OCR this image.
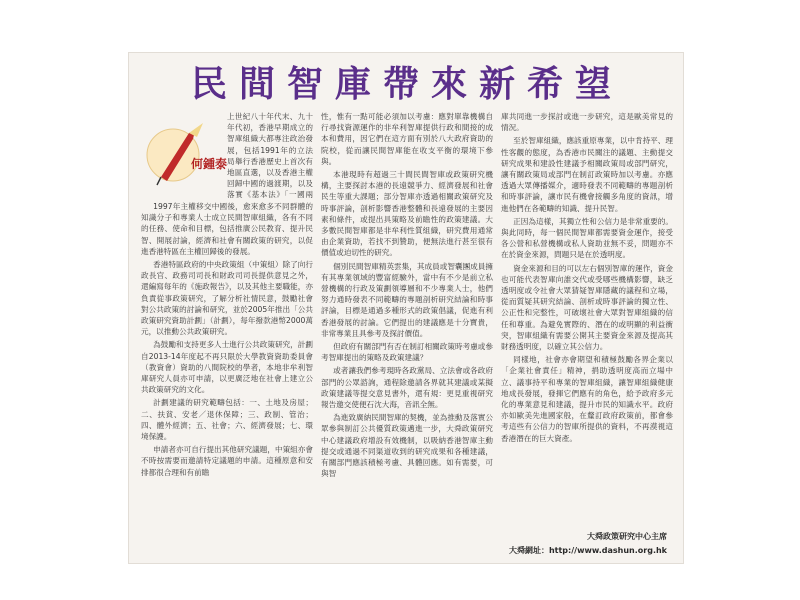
民間智庫帶來新希望
何鍾泰

上世紀八十年代末、九十年代初，香港早期成立的智庫組織大都專注政治發展，包括1991年的立法局舉行香港歷史上首次有地區直選，以及香港主權回歸中國的過渡期，以及落實《基本法》「一國兩

1997年主權移交中國後，愈來愈多不同群體的知識分子和專業人士成立民間智庫組織，各有不同的任務、使命和目標，包括推廣公民教育、提升民智、開展討論，經濟和社會有關政策的研究，以促進香港特區在主權回歸後的發展。

香港特區政府的中央政策組（中策組）除了向行政長官、政務司司長和財政司司長提供意見之外，還編寫每年的《施政報告》，以及其他主要職能，亦負責從事政策研究，了解分析社情民意，鼓勵社會對公共政策的討論和研究，並於2005年推出「公共政策研究資助計劃」（計劃），每年撥款港幣2000萬元，以推動公共政策研究。

為鼓勵和支持更多人士進行公共政策研究，計劃自2013-14年度起不再只限於大學教資資助委員會（教資會）資助的八間院校的學者，本地非牟利智庫研究人員亦可申請，以更廣泛地在社會上建立公共政策研究的文化。

計劃建議的研究範疇包括：一、土地及房屋；二、扶貧、安老／退休保障；三、政制、管治；四、體外經濟；五、社會；六、經濟發展；七、環境保護。

申請者亦可自行提出其他研究議題，中策組亦會不時按需要而邀請特定議題的申請。這種原意和安排都很合理和有前瞻

性，惟有一點可能必須加以考慮：應對單靠機構自行尋找資源運作的非牟利智庫提供行政和間接的成本和費用，因它們在這方面有別於八大政府資助的院校，從而讓民間智庫能在收支平衡的環境下參與。

本港現時有超過三十間民間智庫或政策研究機構，主要探討本港的長遠競爭力、經濟發展和社會民生等重大課題；部分智庫亦透過相關政策研究及時事評論，剖析影響香港整體和長遠發展的主要因素和條件，或提出具策略及前瞻性的政策建議。大多數民間智庫都是非牟利性質組織，研究費用通常由企業資助，若找不到贊助，便無法進行甚至很有價值或迫切性的研究。

個別民間智庫精英雲集，其成員或智囊團成員擁有其專業領域的豐富經驗外，當中有不少是前立私營機構的行政及策劃領導層和不少專業人士，他們努力通時發表不同範疇的專題剖析研究結論和時事評論，目標是通過多種形式的政策倡議，促進有利香港發展的討論。它們提出的建議應是十分寶貴，非常專業且具參考及探討價值。

但政府有關部門有否在制訂相關政策時考慮或參考智庫提出的策略及政策建議？

或者讓我們參考現時各政黨局、立法會或各政府部門的公眾諮詢，通程除邀請各界就其建議或某擬政策建議等提交意見書外，還有規：更見重視研究報告邀交使便石沈大海，音訊全無。

為進致廣納民間智庫的契機，並為推動及落實公眾參與制訂公共優質政策邁進一步，大舜政策研究中心建議政府增設有效機制，以吸納香港智庫主動提交或通過不同渠道收到的研究成果和各種建議，有關部門應該積極考慮、具體回應。如有需要，可與智

庫共同進一步探討或進一步研究，這是歐美常見的情況。

至於智庫組織，應該重原專業，以中肯持平、理性客觀的態度，為香港市民關注的議題、主動提交研究成果和建設性建議予相關政策局或部門研究，讓有關政策局或部門在制訂政策時加以考慮。亦應透過大眾傳播媒介，適時發表不同範疇的專題剖析和時事評論，讓市民有機會接觸多角度的資訊，增進他們在各範疇的知識、提升民智。

正因為這樣，其獨立性和公信力是非常重要的。與此同時，每一個民間智庫都需要資金運作，接受各公營和私營機構或私人資助並無不妥，問題亦不在於資金來源，問題只是在於透明度。

資金來源和目的可以左右個別智庫的運作，資金也可能代表智庫向誰交代或受哪些機構影響，缺乏透明度或令社會大眾猜疑智庫隱藏的議程和立場，從而質疑其研究結論、剖析或時事評論的獨立性、公正性和完整性，可破壞社會大眾對智庫組織的信任和尊重。為避免實際的、潛在的或明顯的利益衝突，智庫組織有需要公開其主要資金來源及提高其財務透明度，以確立其公信力。

同樣地，社會亦會期望和積極鼓勵各界企業以「企業社會責任」精神，捐助透明度高而立場中立、議事持平和專業的智庫組織，讓智庫組織健康地成長發展，發揮它們應有的角色，給予政府多元化的專業意見和建議，提升市民的知識水平。政府亦如歐美先進國家般，在釐訂政府政策前，都會參考這些有公信力的智庫所提供的資料，不再漠視這香港潛在的巨大資產。

大舜政策研究中心主席
大舜網址：http://www.dashun.org.hk
